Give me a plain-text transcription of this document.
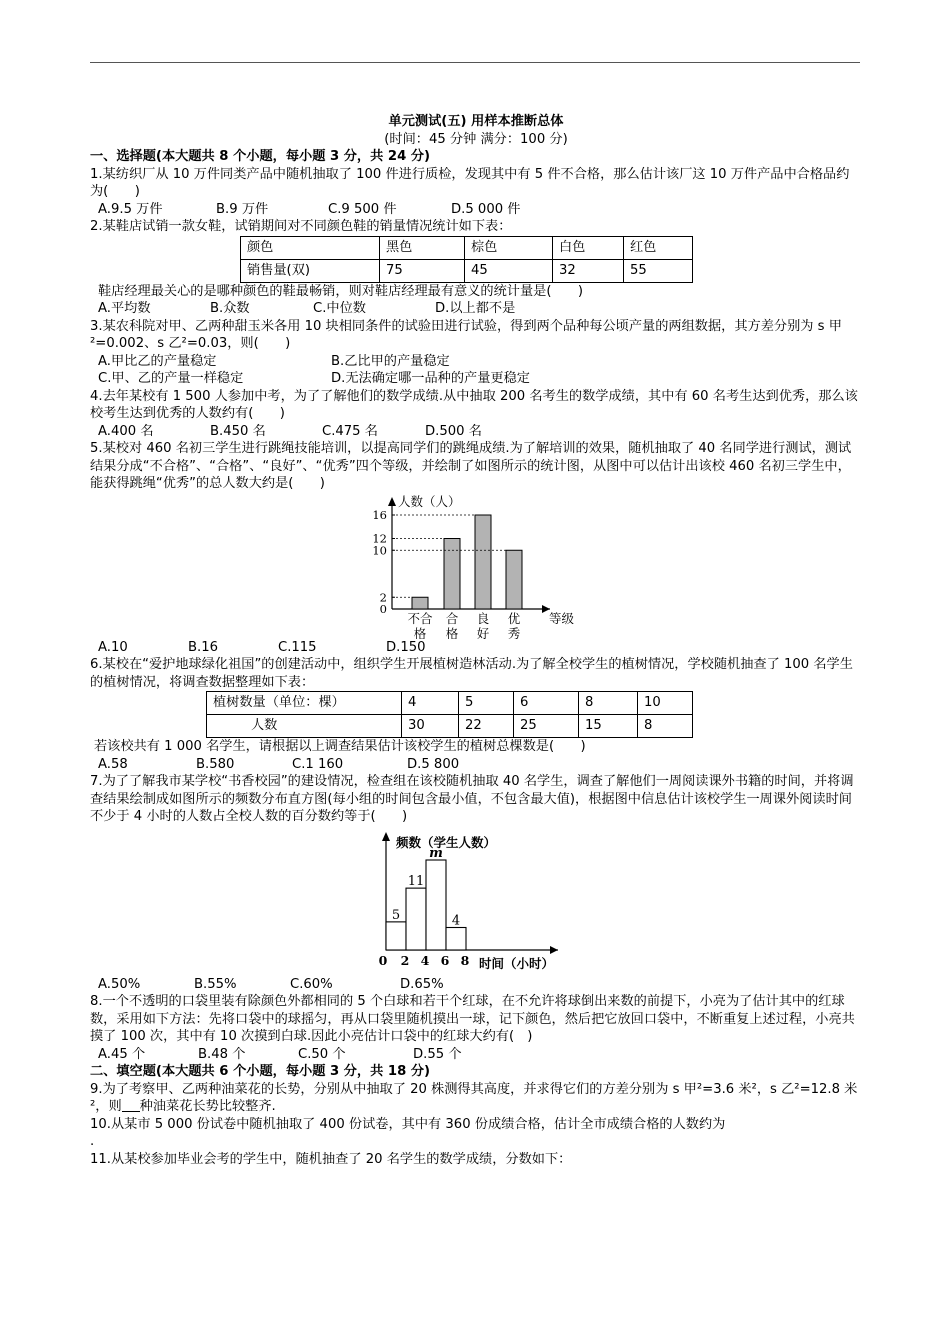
单元测试(五) 用样本推断总体

(时间：45 分钟 满分：100 分)

一、选择题(本大题共 8 个小题，每小题 3 分，共 24 分)

1.某纺织厂从 10 万件同类产品中随机抽取了 100 件进行质检，发现其中有 5 件不合格，那么估计该厂这 10 万件产品中合格品约为(　　)

A.9.5 万件	B.9 万件	C.9 500 件	D.5 000 件

2.某鞋店试销一款女鞋，试销期间对不同颜色鞋的销量情况统计如下表：

颜色	黑色	棕色	白色	红色
销售量(双)	75	45	32	55

鞋店经理最关心的是哪种颜色的鞋最畅销，则对鞋店经理最有意义的统计量是(　　)

A.平均数	B.众数	C.中位数	D.以上都不是

3.某农科院对甲、乙两种甜玉米各用 10 块相同条件的试验田进行试验，得到两个品种每公顷产量的两组数据，其方差分别为 s 甲²=0.002、s 乙²=0.03，则(　　)

A.甲比乙的产量稳定	B.乙比甲的产量稳定
C.甲、乙的产量一样稳定	D.无法确定哪一品种的产量更稳定

4.去年某校有 1 500 人参加中考，为了了解他们的数学成绩.从中抽取 200 名考生的数学成绩，其中有 60 名考生达到优秀，那么该校考生达到优秀的人数约有(　　)

A.400 名	B.450 名	C.475 名	D.500 名

5.某校对 460 名初三学生进行跳绳技能培训，以提高同学们的跳绳成绩.为了解培训的效果，随机抽取了 40 名同学进行测试，测试结果分成“不合格”、“合格”、“良好”、“优秀”四个等级，并绘制了如图所示的统计图，从图中可以估计出该校 460 名初三学生中，能获得跳绳“优秀”的总人数大约是(　　)

人数（人）
等级
0
2
10
12
16
不合
格
合
格
良
好
优
秀
A.10	B.16	C.115	D.150

6.某校在“爱护地球绿化祖国”的创建活动中，组织学生开展植树造林活动.为了解全校学生的植树情况，学校随机抽查了 100 名学生的植树情况，将调查数据整理如下表：

植树数量（单位：棵）	4	5	6	8	10
人数	30	22	25	15	8

若该校共有 1 000 名学生，请根据以上调查结果估计该校学生的植树总棵数是(　　)

A.58	B.580	C.1 160	D.5 800

7.为了了解我市某学校“书香校园”的建设情况，检查组在该校随机抽取 40 名学生，调查了解他们一周阅读课外书籍的时间，并将调查结果绘制成如图所示的频数分布直方图(每小组的时间包含最小值，不包含最大值)，根据图中信息估计该校学生一周课外阅读时间不少于 4 小时的人数占全校人数的百分数约等于(　　)

频数（学生人数）
时间（小时）
0 2 4 6 8
5
11
m
4
A.50%	B.55%	C.60%	D.65%

8.一个不透明的口袋里装有除颜色外都相同的 5 个白球和若干个红球，在不允许将球倒出来数的前提下，小亮为了估计其中的红球数，采用如下方法：先将口袋中的球摇匀，再从口袋里随机摸出一球，记下颜色，然后把它放回口袋中，不断重复上述过程，小亮共摸了 100 次，其中有 10 次摸到白球.因此小亮估计口袋中的红球大约有(　)

A.45 个	B.48 个	C.50 个	D.55 个

二、填空题(本大题共 6 个小题，每小题 3 分，共 18 分)

9.为了考察甲、乙两种油菜花的长势，分别从中抽取了 20 株测得其高度，并求得它们的方差分别为 s 甲²=3.6 米²，s 乙²=12.8 米²，则 种油菜花长势比较整齐.

10.从某市 5 000 份试卷中随机抽取了 400 份试卷，其中有 360 份成绩合格，估计全市成绩合格的人数约为

.

11.从某校参加毕业会考的学生中，随机抽查了 20 名学生的数学成绩，分数如下：
